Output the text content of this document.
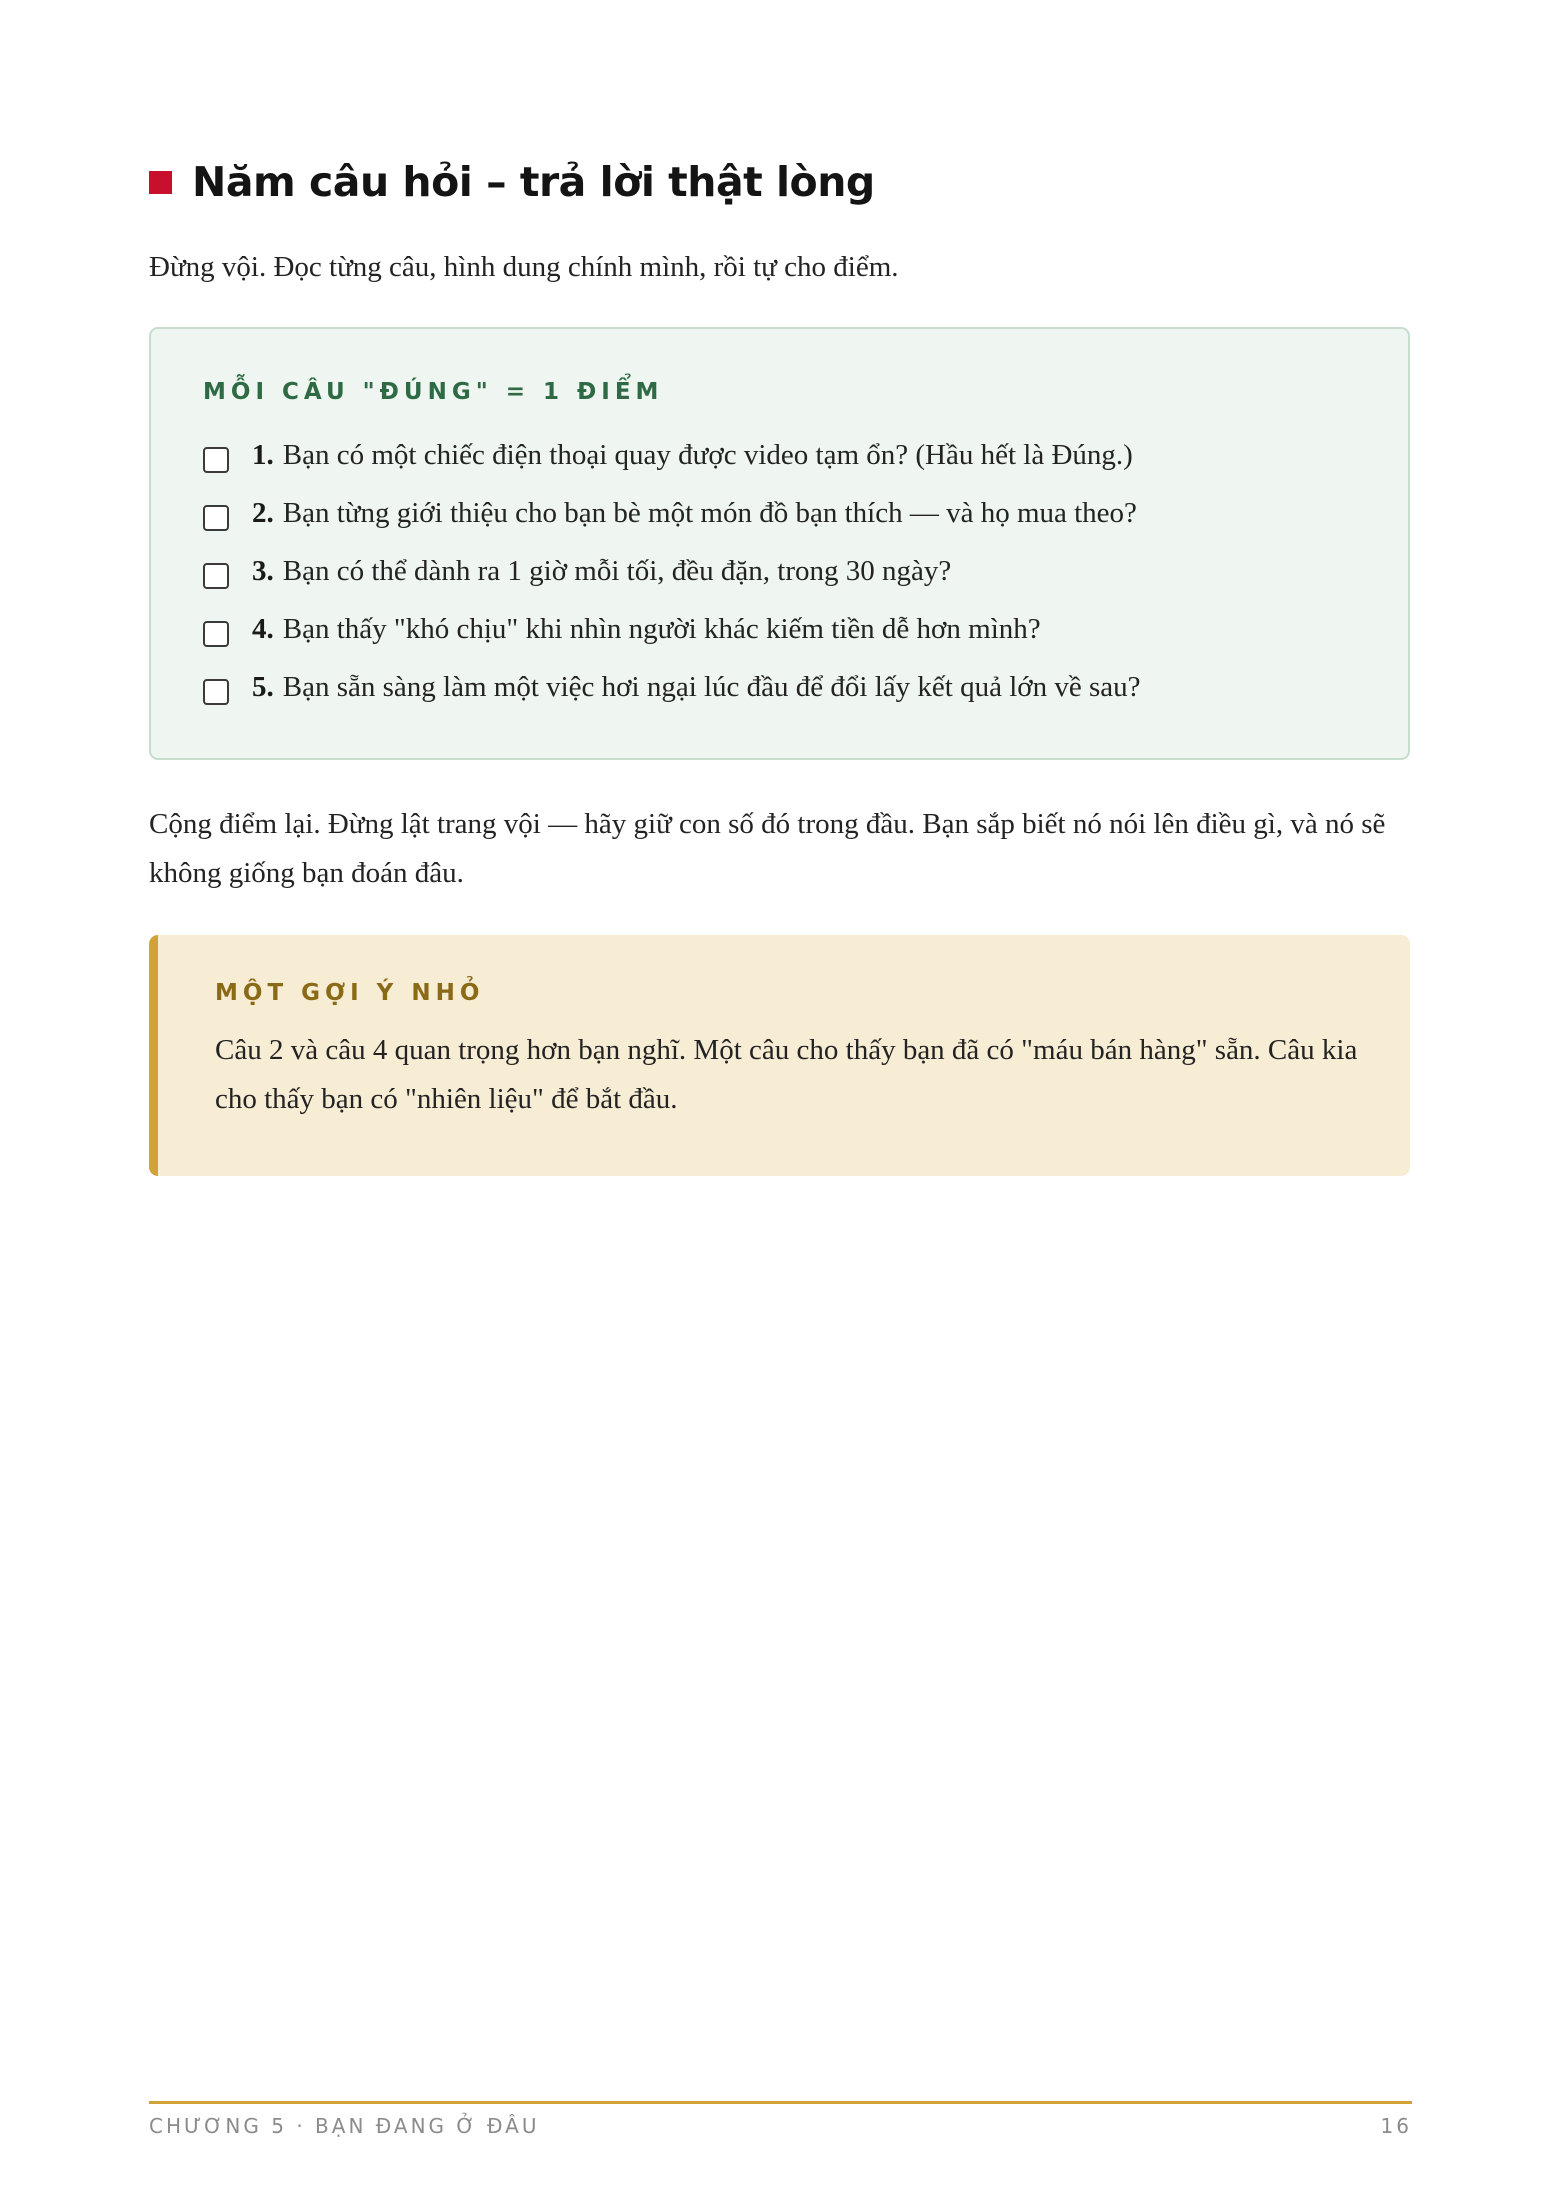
Năm câu hỏi – trả lời thật lòng
Đừng vội. Đọc từng câu, hình dung chính mình, rồi tự cho điểm.
MỖI CÂU "ĐÚNG" = 1 ĐIỂM
1. Bạn có một chiếc điện thoại quay được video tạm ổn? (Hầu hết là Đúng.)
2. Bạn từng giới thiệu cho bạn bè một món đồ bạn thích — và họ mua theo?
3. Bạn có thể dành ra 1 giờ mỗi tối, đều đặn, trong 30 ngày?
4. Bạn thấy "khó chịu" khi nhìn người khác kiếm tiền dễ hơn mình?
5. Bạn sẵn sàng làm một việc hơi ngại lúc đầu để đổi lấy kết quả lớn về sau?

Cộng điểm lại. Đừng lật trang vội — hãy giữ con số đó trong đầu. Bạn sắp biết nó nói lên điều gì, và nó sẽ không giống bạn đoán đâu.

MỘT GỢI Ý NHỎ

Câu 2 và câu 4 quan trọng hơn bạn nghĩ. Một câu cho thấy bạn đã có "máu bán hàng" sẵn. Câu kia cho thấy bạn có "nhiên liệu" để bắt đầu.

CHƯƠNG 5 · BẠN ĐANG Ở ĐÂU	16
